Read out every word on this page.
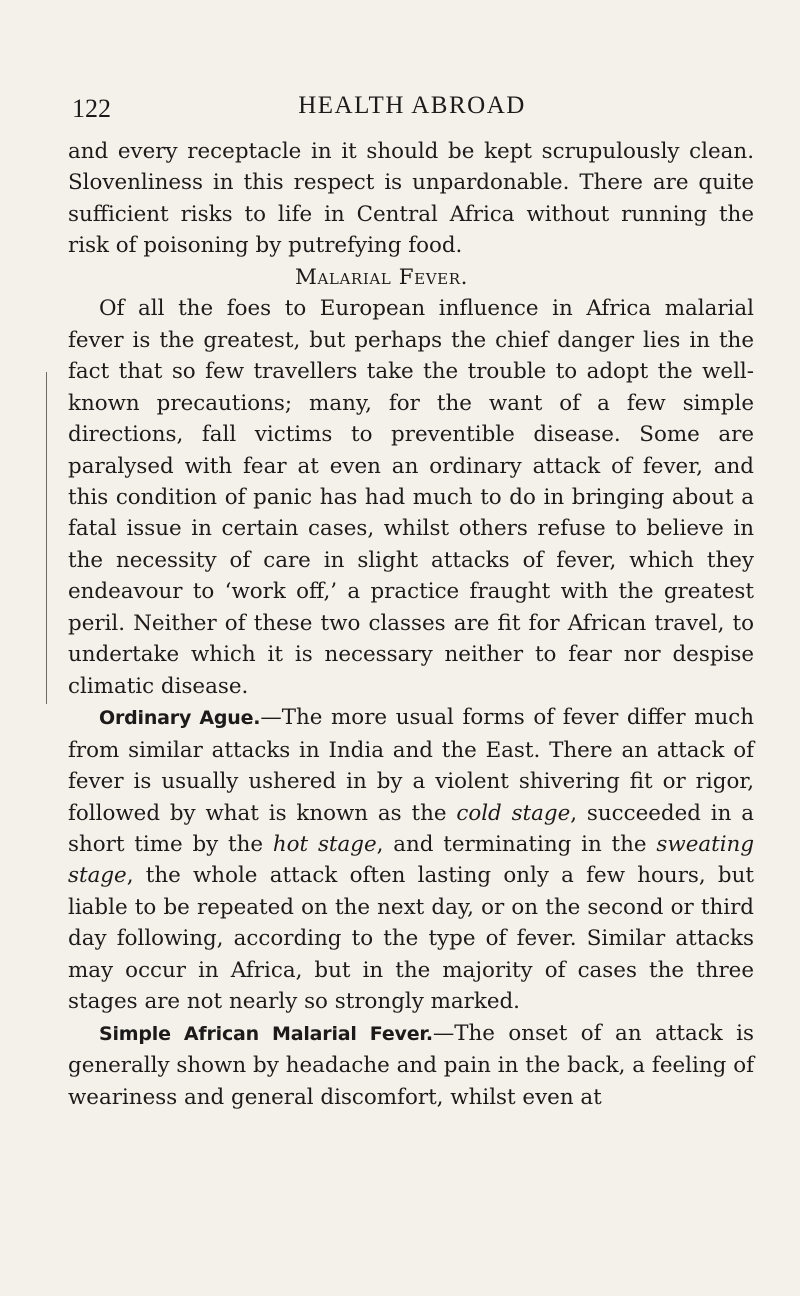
122	HEALTH ABROAD

and every receptacle in it should be kept scrupulously clean. Slovenliness in this respect is unpardonable. There are quite sufficient risks to life in Central Africa without running the risk of poisoning by putrefying food.

Malarial Fever.

Of all the foes to European influence in Africa malarial fever is the greatest, but perhaps the chief danger lies in the fact that so few travellers take the trouble to adopt the well-known precautions; many, for the want of a few simple directions, fall victims to preventible disease. Some are paralysed with fear at even an ordinary attack of fever, and this condition of panic has had much to do in bringing about a fatal issue in certain cases, whilst others refuse to believe in the necessity of care in slight attacks of fever, which they endeavour to ‘work off,’ a practice fraught with the greatest peril. Neither of these two classes are fit for African travel, to undertake which it is necessary neither to fear nor despise climatic disease.

Ordinary Ague.—The more usual forms of fever differ much from similar attacks in India and the East. There an attack of fever is usually ushered in by a violent shivering fit or rigor, followed by what is known as the cold stage, succeeded in a short time by the hot stage, and terminating in the sweating stage, the whole attack often lasting only a few hours, but liable to be repeated on the next day, or on the second or third day following, according to the type of fever. Similar attacks may occur in Africa, but in the majority of cases the three stages are not nearly so strongly marked.

Simple African Malarial Fever.—The onset of an attack is generally shown by headache and pain in the back, a feeling of weariness and general discomfort, whilst even at
